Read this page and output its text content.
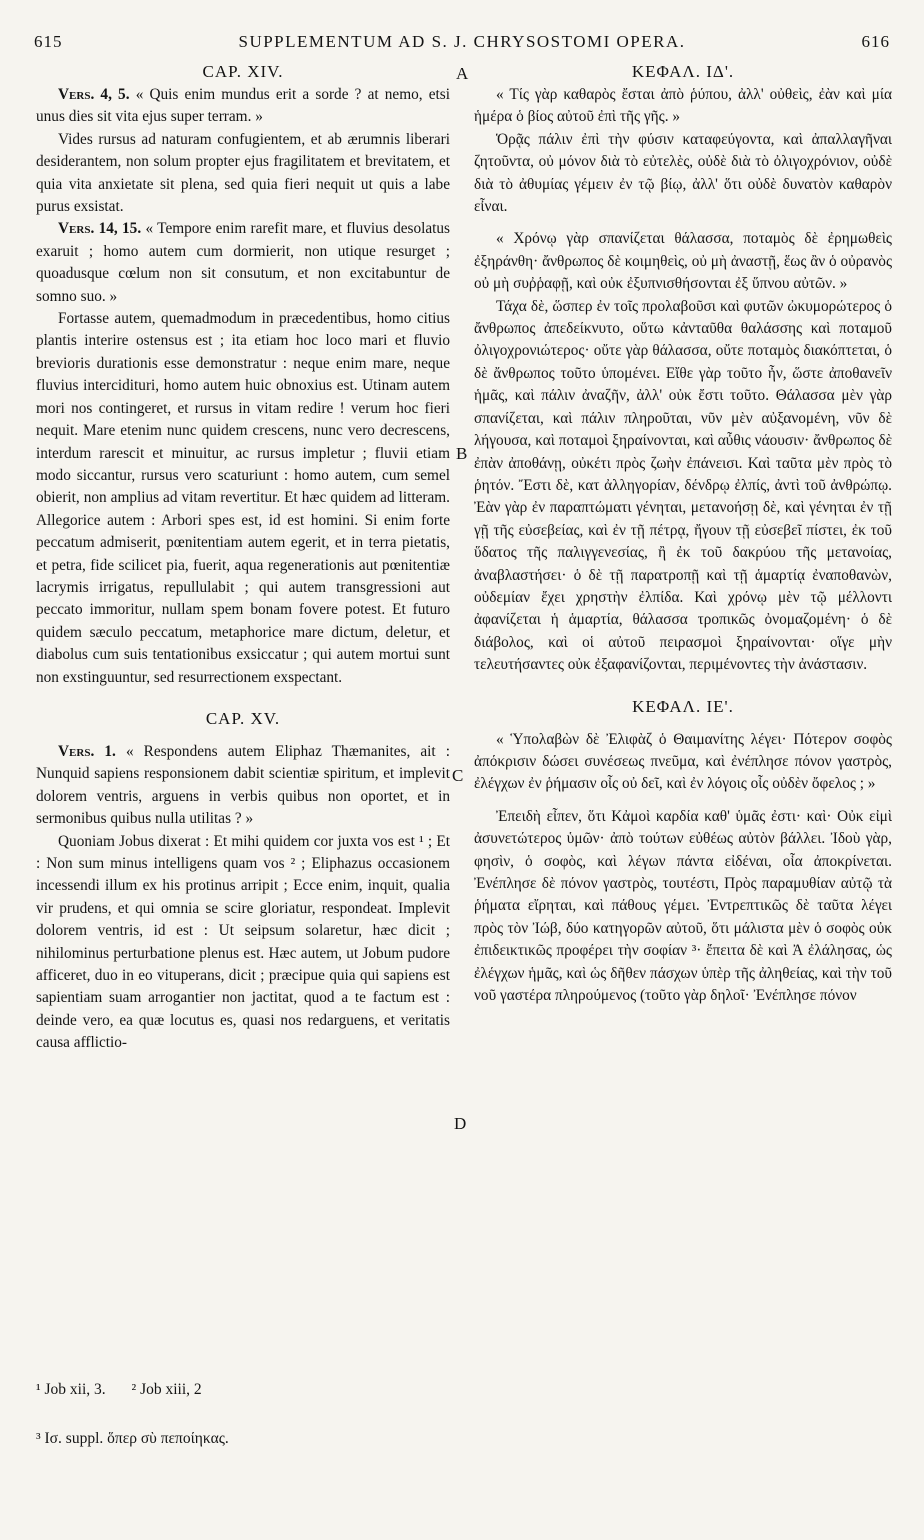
615	SUPPLEMENTUM AD S. J. CHRYSOSTOMI OPERA.	616
CAP. XIV.

Vers. 4, 5. « Quis enim mundus erit a sorde ? at nemo, etsi unus dies sit vita ejus super terram. »

Vides rursus ad naturam confugientem, et ab ærumnis liberari desiderantem, non solum propter ejus fragilitatem et brevitatem, et quia vita anxietate sit plena, sed quia fieri nequit ut quis a labe purus exsistat.

Vers. 14, 15. « Tempore enim rarefit mare, et fluvius desolatus exaruit ; homo autem cum dormierit, non utique resurget ; quoadusque cœlum non sit consutum, et non excitabuntur de somno suo. »

Fortasse autem, quemadmodum in præcedentibus, homo citius plantis interire ostensus est ; ita etiam hoc loco mari et fluvio brevioris durationis esse demonstratur : neque enim mare, neque fluvius intercidituri, homo autem huic obnoxius est. Utinam autem mori nos contingeret, et rursus in vitam redire ! verum hoc fieri nequit. Mare etenim nunc quidem crescens, nunc vero decrescens, interdum rarescit et minuitur, ac rursus impletur ; fluvii etiam modo siccantur, rursus vero scaturiunt : homo autem, cum semel obierit, non amplius ad vitam revertitur. Et hæc quidem ad litteram. Allegorice autem : Arbori spes est, id est homini. Si enim forte peccatum admiserit, pœnitentiam autem egerit, et in terra pietatis, et petra, fide scilicet pia, fuerit, aqua regenerationis aut pœnitentiæ lacrymis irrigatus, repullulabit ; qui autem transgressioni aut peccato immoritur, nullam spem bonam fovere potest. Et futuro quidem sæculo peccatum, metaphorice mare dictum, deletur, et diabolus cum suis tentationibus exsiccatur ; qui autem mortui sunt non exstinguuntur, sed resurrectionem exspectant.

CAP. XV.

Vers. 1. « Respondens autem Eliphaz Thæmanites, ait : Nunquid sapiens responsionem dabit scientiæ spiritum, et implevit dolorem ventris, arguens in verbis quibus non oportet, et in sermonibus quibus nulla utilitas ? »

Quoniam Jobus dixerat : Et mihi quidem cor juxta vos est ¹ ; Et : Non sum minus intelligens quam vos ² ; Eliphazus occasionem incessendi illum ex his protinus arripit ; Ecce enim, inquit, qualia vir prudens, et qui omnia se scire gloriatur, respondeat. Implevit dolorem ventris, id est : Ut seipsum solaretur, hæc dicit ; nihilominus perturbatione plenus est. Hæc autem, ut Jobum pudore afficeret, duo in eo vituperans, dicit ; præcipue quia qui sapiens est sapientiam suam arrogantier non jactitat, quod a te factum est : deinde vero, ea quæ locutus es, quasi nos redarguens, et veritatis causa afflictio-

ΚΕΦΑΛ. ΙΔ'.

« Τίς γὰρ καθαρὸς ἔσται ἀπὸ ῥύπου, ἀλλ' οὐθεὶς, ἐὰν καὶ μία ἡμέρα ὁ βίος αὐτοῦ ἐπὶ τῆς γῆς. »

Ὁρᾷς πάλιν ἐπὶ τὴν φύσιν καταφεύγοντα, καὶ ἀπαλλαγῆναι ζητοῦντα, οὐ μόνον διὰ τὸ εὐτελὲς, οὐδὲ διὰ τὸ ὀλιγοχρόνιον, οὐδὲ διὰ τὸ ἀθυμίας γέμειν ἐν τῷ βίῳ, ἀλλ' ὅτι οὐδὲ δυνατὸν καθαρὸν εἶναι.

« Χρόνῳ γὰρ σπανίζεται θάλασσα, ποταμὸς δὲ ἐρημωθεὶς ἐξηράνθη· ἄνθρωπος δὲ κοιμηθεὶς, οὐ μὴ ἀναστῇ, ἕως ἂν ὁ οὐρανὸς οὐ μὴ συῤῥαφῇ, καὶ οὐκ ἐξυπνισθήσονται ἐξ ὕπνου αὐτῶν. »

Τάχα δὲ, ὥσπερ ἐν τοῖς προλαβοῦσι καὶ φυτῶν ὠκυμορώτερος ὁ ἄνθρωπος ἀπεδείκνυτο, οὕτω κἀνταῦθα θαλάσσης καὶ ποταμοῦ ὀλιγοχρονιώτερος· οὔτε γὰρ θάλασσα, οὔτε ποταμὸς διακόπτεται, ὁ δὲ ἄνθρωπος τοῦτο ὑπομένει. Εἴθε γὰρ τοῦτο ἦν, ὥστε ἀποθανεῖν ἡμᾶς, καὶ πάλιν ἀναζῆν, ἀλλ' οὐκ ἔστι τοῦτο. Θάλασσα μὲν γὰρ σπανίζεται, καὶ πάλιν πληροῦται, νῦν μὲν αὐξανομένη, νῦν δὲ λήγουσα, καὶ ποταμοὶ ξηραίνονται, καὶ αὖθις νάουσιν· ἄνθρωπος δὲ ἐπὰν ἀποθάνῃ, οὐκέτι πρὸς ζωὴν ἐπάνεισι. Καὶ ταῦτα μὲν πρὸς τὸ ῥητόν. Ἔστι δὲ, κατ ἀλληγορίαν, δένδρῳ ἐλπίς, ἀντὶ τοῦ ἀνθρώπῳ. Ἐὰν γὰρ ἐν παραπτώματι γένηται, μετανοήσῃ δὲ, καὶ γένηται ἐν τῇ γῇ τῆς εὐσεβείας, καὶ ἐν τῇ πέτρᾳ, ἤγουν τῇ εὐσεβεῖ πίστει, ἐκ τοῦ ὕδατος τῆς παλιγγενεσίας, ἢ ἐκ τοῦ δακρύου τῆς μετανοίας, ἀναβλαστήσει· ὁ δὲ τῇ παρατροπῇ καὶ τῇ ἁμαρτίᾳ ἐναποθανὼν, οὐδεμίαν ἔχει χρηστὴν ἐλπίδα. Καὶ χρόνῳ μὲν τῷ μέλλοντι ἀφανίζεται ἡ ἁμαρτία, θάλασσα τροπικῶς ὀνομαζομένη· ὁ δὲ διάβολος, καὶ οἱ αὐτοῦ πειρασμοὶ ξηραίνονται· οἵγε μὴν τελευτήσαντες οὐκ ἐξαφανίζονται, περιμένοντες τὴν ἀνάστασιν.

ΚΕΦΑΛ. ΙΕ'.

« Ὑπολαβὼν δὲ Ἐλιφὰζ ὁ Θαιμανίτης λέγει· Πότερον σοφὸς ἀπόκρισιν δώσει συνέσεως πνεῦμα, καὶ ἐνέπλησε πόνον γαστρὸς, ἐλέγχων ἐν ῥήμασιν οἷς οὐ δεῖ, καὶ ἐν λόγοις οἷς οὐδὲν ὄφελος ; »

Ἐπειδὴ εἶπεν, ὅτι Κἀμοὶ καρδία καθ' ὑμᾶς ἐστι· καὶ· Οὐκ εἰμὶ ἀσυνετώτερος ὑμῶν· ἀπὸ τούτων εὐθέως αὐτὸν βάλλει. Ἰδοὺ γὰρ, φησὶν, ὁ σοφὸς, καὶ λέγων πάντα εἰδέναι, οἷα ἀποκρίνεται. Ἐνέπλησε δὲ πόνον γαστρὸς, τουτέστι, Πρὸς παραμυθίαν αὐτῷ τὰ ῥήματα εἴρηται, καὶ πάθους γέμει. Ἐντρεπτικῶς δὲ ταῦτα λέγει πρὸς τὸν Ἰώβ, δύο κατηγορῶν αὐτοῦ, ὅτι μάλιστα μὲν ὁ σοφὸς οὐκ ἐπιδεικτικῶς προφέρει τὴν σοφίαν ³· ἔπειτα δὲ καὶ Ἀ ἐλάλησας, ὡς ἐλέγχων ἡμᾶς, καὶ ὡς δῆθεν πάσχων ὑπὲρ τῆς ἀληθείας, καὶ τὴν τοῦ νοῦ γαστέρα πληρούμενος (τοῦτο γὰρ δηλοῖ· Ἐνέπλησε πόνον

A
B
C
D
¹ Job xii, 3. ² Job xiii, 2
³ Ισ. suppl. ὅπερ σὺ πεποίηκας.
